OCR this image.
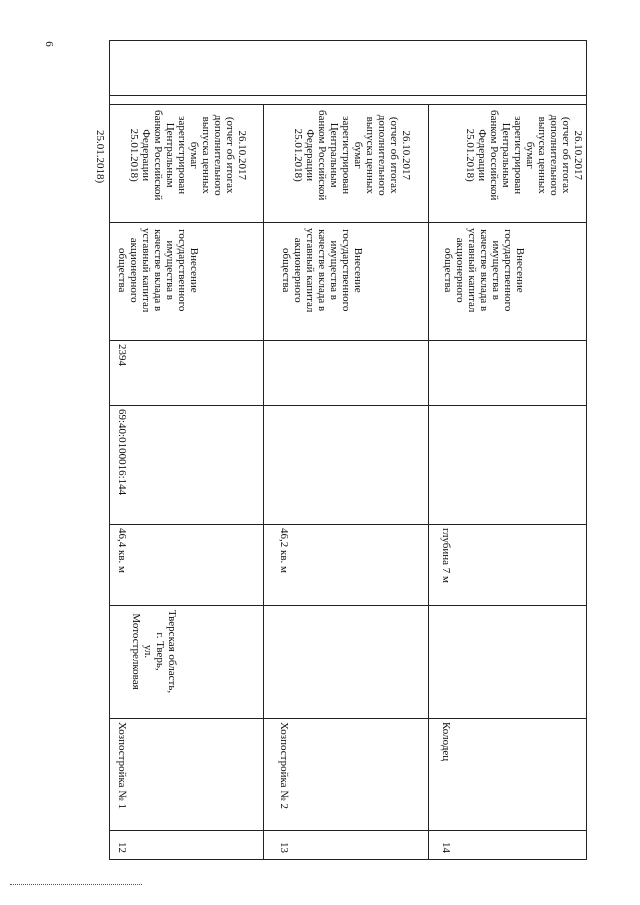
6
25.01.2018)
12
Хозпостройка № 1
Тверская область,
г. Тверь,
ул.
Мотострелковая
46,4 кв. м
69:40:0100016:144
2394
Внесение
государственного
имущества в
качестве вклада в
уставный капитал
акционерного
общества
26.10.2017
(отчет об итогах
дополнительного
выпуска ценных
бумаг
зарегистрирован
Центральным
банком Российской
Федерации
25.01.2018)
13
Хозпостройка № 2
46,2 кв. м
Внесение
государственного
имущества в
качестве вклада в
уставный капитал
акционерного
общества
26.10.2017
(отчет об итогах
дополнительного
выпуска ценных
бумаг
зарегистрирован
Центральным
банком Российской
Федерации
25.01.2018)
14
Колодец
глубина 7 м
Внесение
государственного
имущества в
качестве вклада в
уставный капитал
акционерного
общества
26.10.2017
(отчет об итогах
дополнительного
выпуска ценных
бумаг
зарегистрирован
Центральным
банком Российской
Федерации
25.01.2018)
